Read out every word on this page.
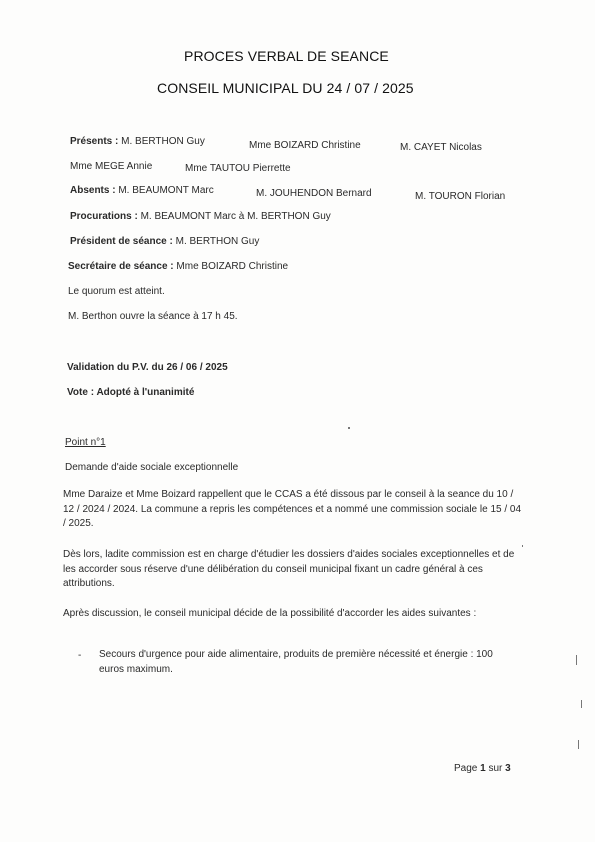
PROCES VERBAL DE SEANCE
CONSEIL MUNICIPAL DU 24 / 07 / 2025
Présents : M. BERTHON Guy	Mme BOIZARD Christine	M. CAYET Nicolas
Mme MEGE Annie	Mme TAUTOU Pierrette
Absents : M. BEAUMONT Marc	M. JOUHENDON Bernard	M. TOURON Florian
Procurations : M. BEAUMONT Marc à M. BERTHON Guy
Président de séance : M. BERTHON Guy
Secrétaire de séance : Mme BOIZARD Christine
Le quorum est atteint.
M. Berthon ouvre la séance à 17 h 45.
Validation du P.V. du 26 / 06 / 2025
Vote : Adopté à l'unanimité
Point n°1
Demande d'aide sociale exceptionnelle
Mme Daraize et Mme Boizard rappellent que le CCAS a été dissous par le conseil à la seance du 10 / 12 / 2024 / 2024. La commune a repris les compétences et a nommé une commission sociale le 15 / 04 / 2025.
Dès lors, ladite commission est en charge d'étudier les dossiers d'aides sociales exceptionnelles et de les accorder sous réserve d'une délibération du conseil municipal fixant un cadre général à ces attributions.
Après discussion, le conseil municipal décide de la possibilité d'accorder les aides suivantes :
- Secours d'urgence pour aide alimentaire, produits de première nécessité et énergie : 100 euros maximum.
Page 1 sur 3
